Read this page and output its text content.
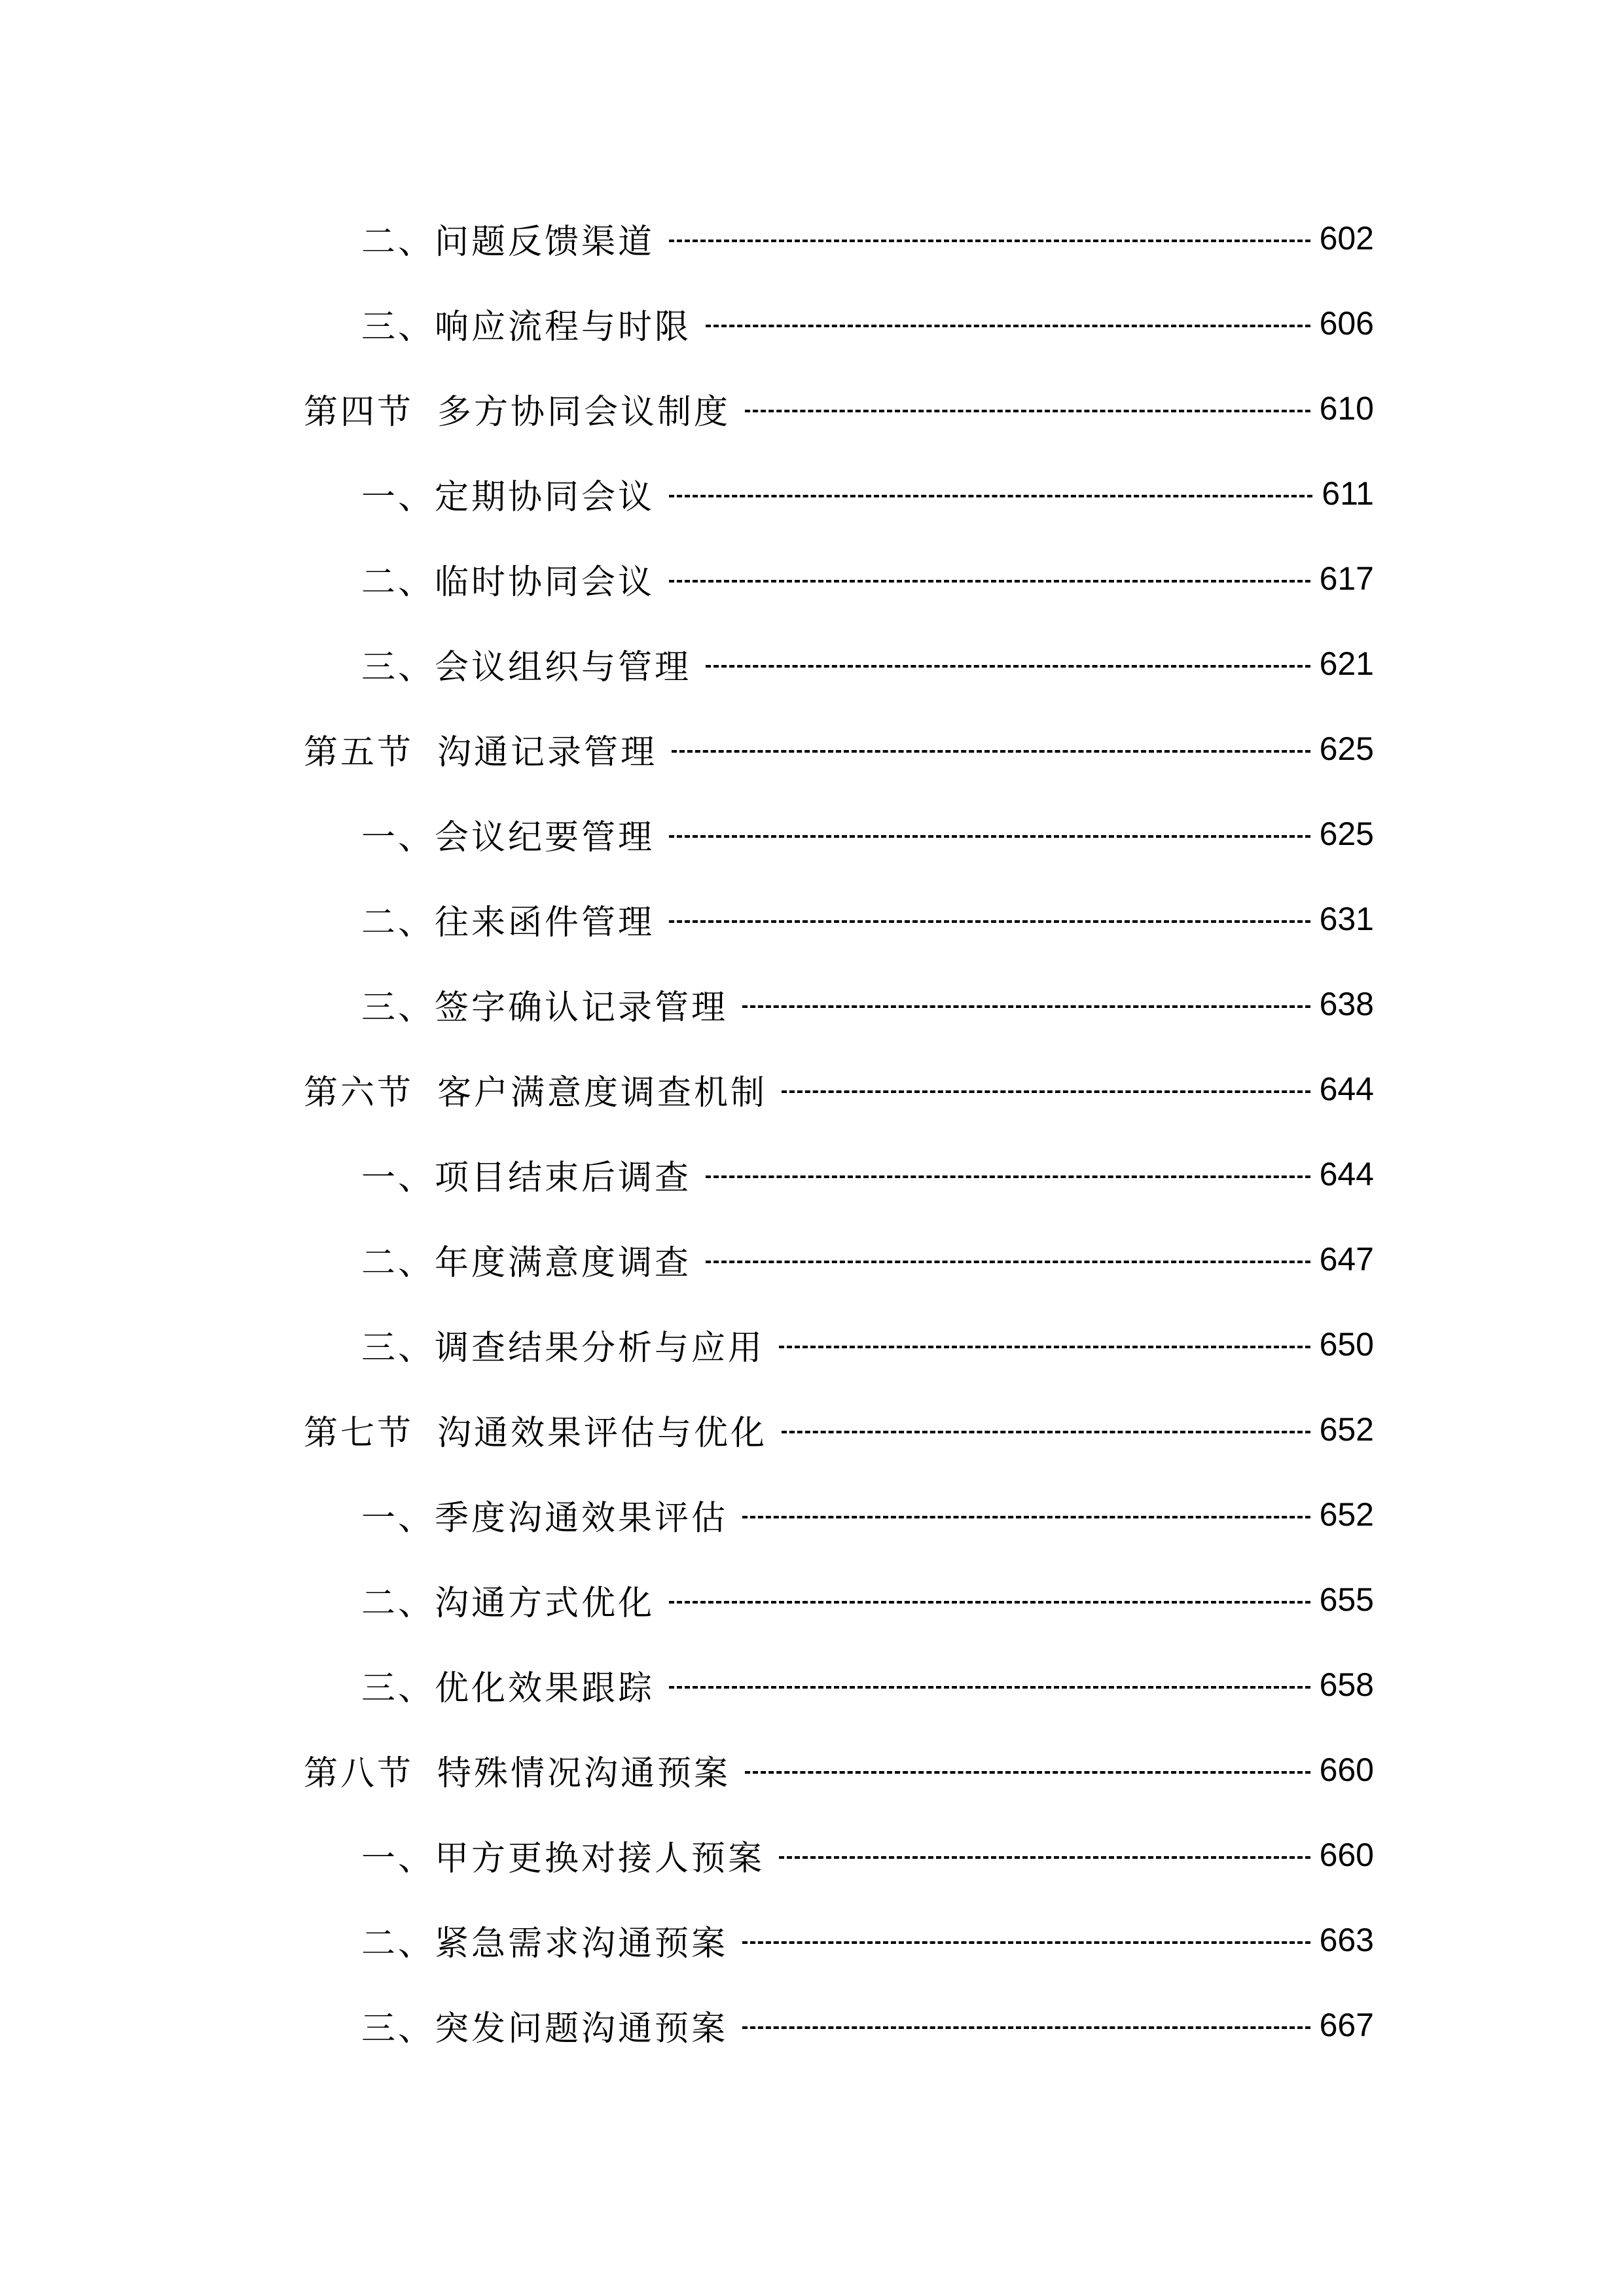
二、问题反馈渠道	602
三、响应流程与时限	606
第四节 多方协同会议制度	610
一、定期协同会议	611
二、临时协同会议	617
三、会议组织与管理	621
第五节 沟通记录管理	625
一、会议纪要管理	625
二、往来函件管理	631
三、签字确认记录管理	638
第六节 客户满意度调查机制	644
一、项目结束后调查	644
二、年度满意度调查	647
三、调查结果分析与应用	650
第七节 沟通效果评估与优化	652
一、季度沟通效果评估	652
二、沟通方式优化	655
三、优化效果跟踪	658
第八节 特殊情况沟通预案	660
一、甲方更换对接人预案	660
二、紧急需求沟通预案	663
三、突发问题沟通预案	667
